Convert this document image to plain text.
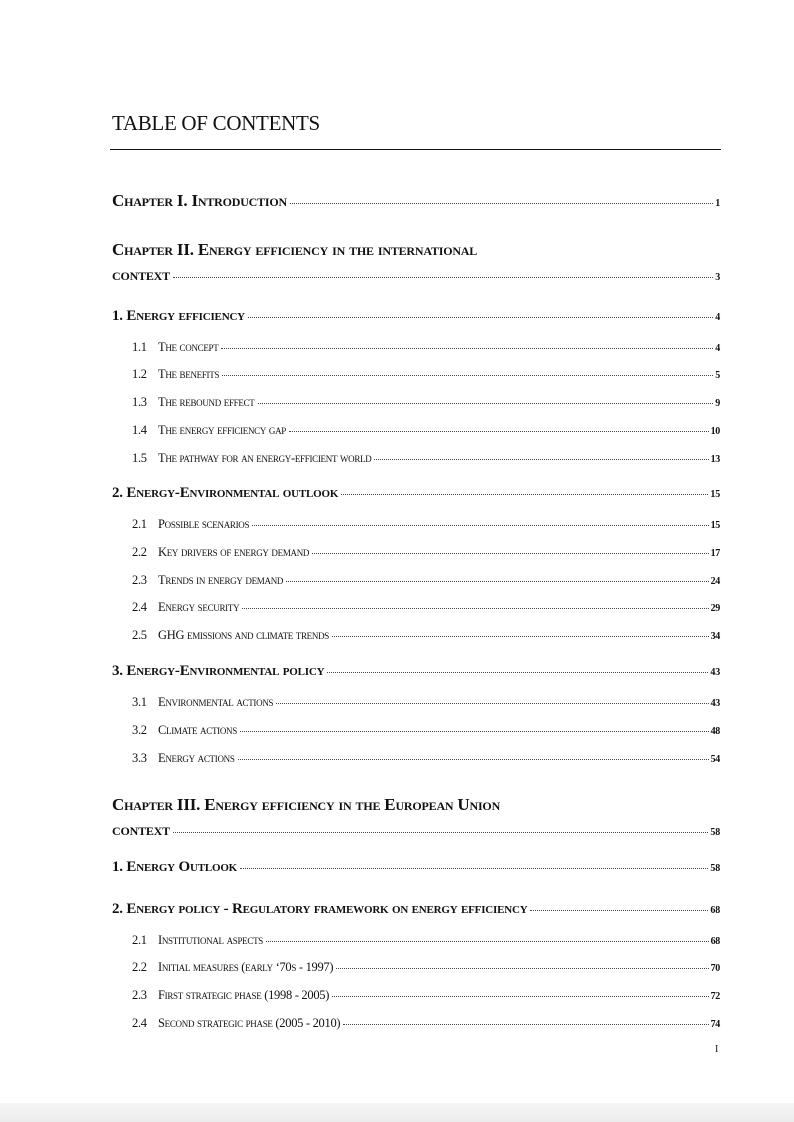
TABLE OF CONTENTS
Chapter I. Introduction	1
Chapter II. Energy efficiency in the international
context	3
1. Energy efficiency	4
1.1 The concept	4
1.2 The benefits	5
1.3 The rebound effect	9
1.4 The energy efficiency gap	10
1.5 The pathway for an energy-efficient world	13
2. Energy-Environmental outlook	15
2.1 Possible scenarios	15
2.2 Key drivers of energy demand	17
2.3 Trends in energy demand	24
2.4 Energy security	29
2.5 GHG emissions and climate trends	34
3. Energy-Environmental policy	43
3.1 Environmental actions	43
3.2 Climate actions	48
3.3 Energy actions	54
Chapter III. Energy efficiency in the European Union
context	58
1. Energy Outlook	58
2. Energy policy - Regulatory framework on energy efficiency	68
2.1 Institutional aspects	68
2.2 Initial measures (early ‘70s - 1997)	70
2.3 First strategic phase (1998 - 2005)	72
2.4 Second strategic phase (2005 - 2010)	74
I
